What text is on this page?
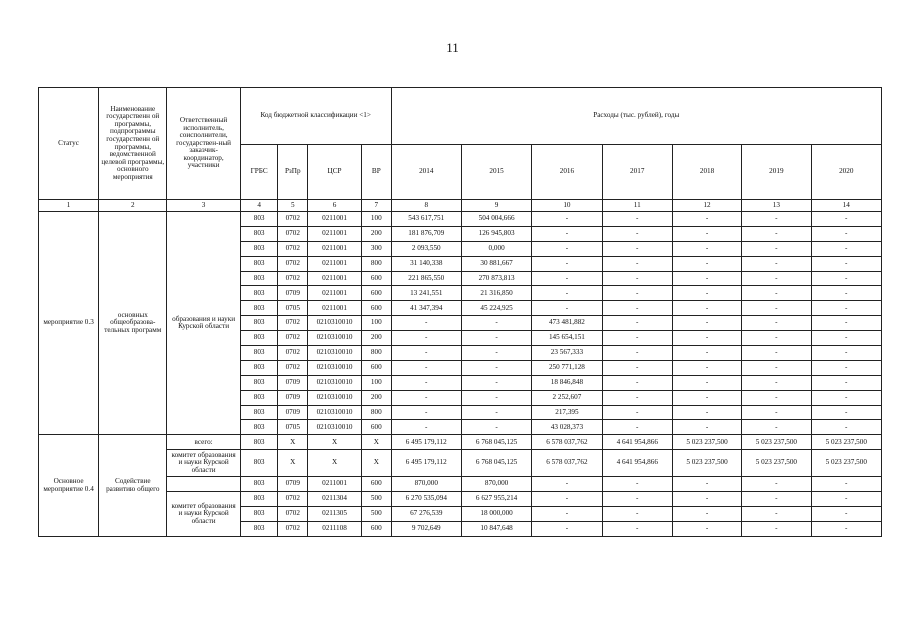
11
Статус	Наименование государственн ой программы, подпрограммы государственн ой программы, ведомственной целевой программы, основного мероприятия	Ответственный исполнитель, соисполнители, государствен-ный заказчик-координатор, участники	Код бюджетной классификации <1>				Расходы (тыс. рублей), годы						
			ГРБС	РзПр	ЦСР	ВР	2014	2015	2016	2017	2018	2019	2020
1	2	3	4	5	6	7	8	9	10	11	12	13	14
мероприятие 0.3	основных общеобразова-тельных программ	образования и науки Курской области	803	0702	0211001	100	543 617,751	504 004,666	-	-	-	-	-
			803	0702	0211001	200	181 876,709	126 945,803	-	-	-	-	-
			803	0702	0211001	300	2 093,550	0,000	-	-	-	-	-
			803	0702	0211001	800	31 140,338	30 881,667	-	-	-	-	-
			803	0702	0211001	600	221 865,550	270 873,813	-	-	-	-	-
			803	0709	0211001	600	13 241,551	21 316,850	-	-	-	-	-
			803	0705	0211001	600	41 347,394	45 224,925	-	-	-	-	-
			803	0702	0210310010	100	-	-	473 481,882	-	-	-	-
			803	0702	0210310010	200	-	-	145 654,151	-	-	-	-
			803	0702	0210310010	800	-	-	23 567,333	-	-	-	-
			803	0702	0210310010	600	-	-	250 771,128	-	-	-	-
			803	0709	0210310010	100	-	-	18 846,848	-	-	-	-
			803	0709	0210310010	200	-	-	2 252,607	-	-	-	-
			803	0709	0210310010	800	-	-	217,395	-	-	-	-
			803	0705	0210310010	600	-	-	43 028,373	-	-	-	-
Основное мероприятие 0.4	Содействие развитию общего	всего:	803	X	X	X	6 495 179,112	6 768 045,125	6 578 037,762	4 641 954,866	5 023 237,500	5 023 237,500	5 023 237,500
		комитет образования и науки Курской области	803	X	X	X	6 495 179,112	6 768 045,125	6 578 037,762	4 641 954,866	5 023 237,500	5 023 237,500	5 023 237,500
			803	0709	0211001	600	870,000	870,000	-	-	-	-	-
		комитет образования и науки Курской области	803	0702	0211304	500	6 270 535,094	6 627 955,214	-	-	-	-	-
			803	0702	0211305	500	67 276,539	18 000,000	-	-	-	-	-
			803	0702	0211108	600	9 702,649	10 847,648	-	-	-	-	-
